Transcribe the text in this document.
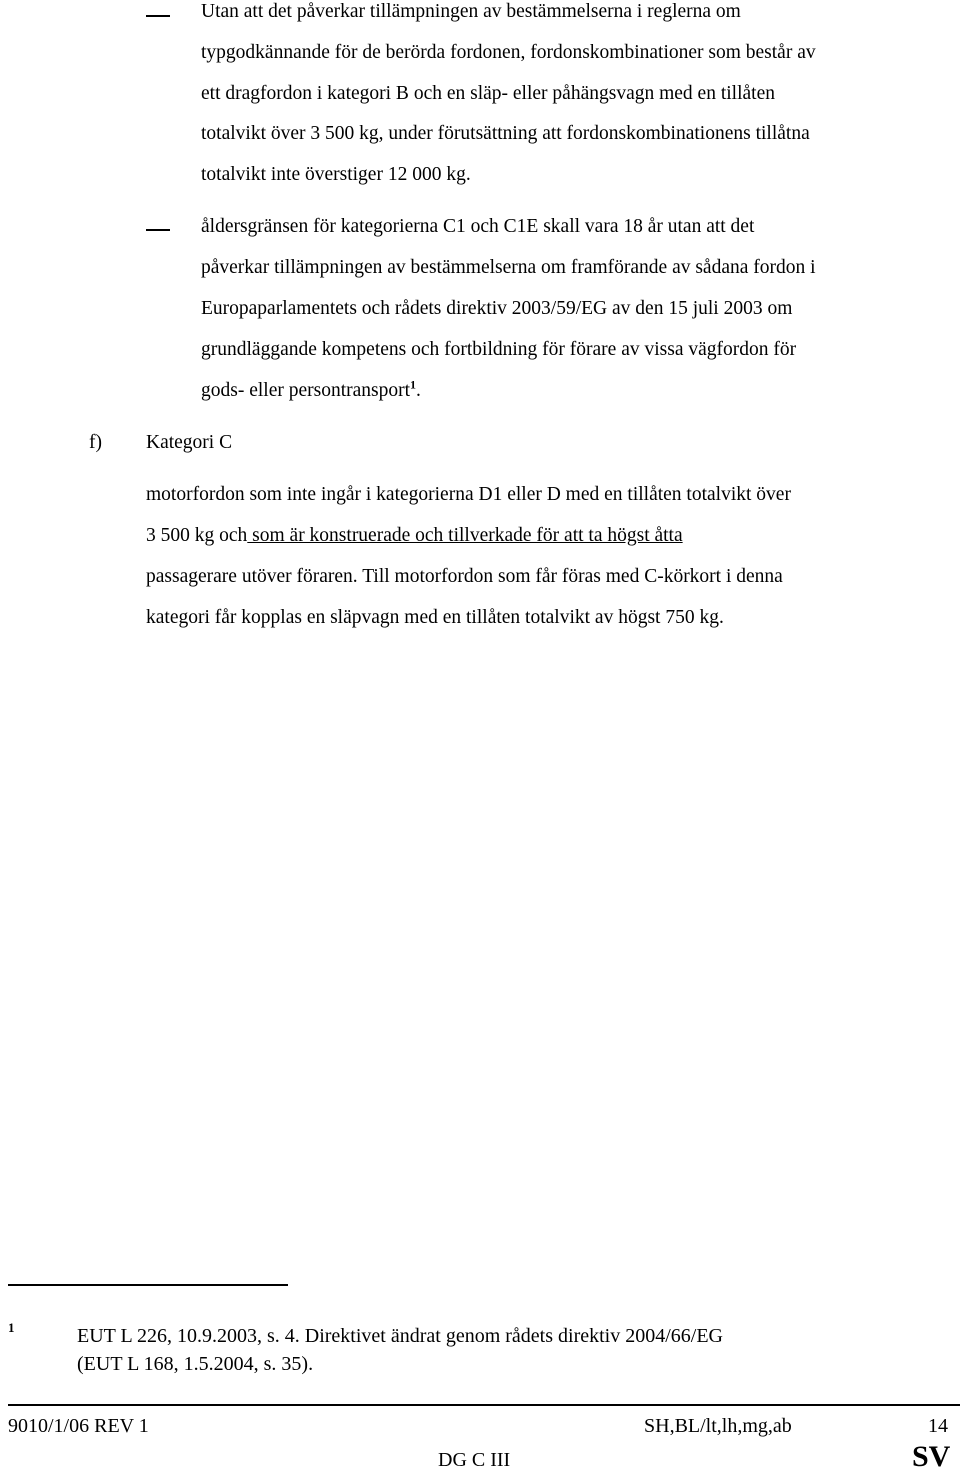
Utan att det påverkar tillämpningen av bestämmelserna i reglerna om
typgodkännande för de berörda fordonen, fordonskombinationer som består av
ett dragfordon i kategori B och en släp- eller påhängsvagn med en tillåten
totalvikt över 3 500 kg, under förutsättning att fordonskombinationens tillåtna
totalvikt inte överstiger 12 000 kg.
åldersgränsen för kategorierna C1 och C1E skall vara 18 år utan att det
påverkar tillämpningen av bestämmelserna om framförande av sådana fordon i
Europaparlamentets och rådets direktiv 2003/59/EG av den 15 juli 2003 om
grundläggande kompetens och fortbildning för förare av vissa vägfordon för
gods- eller persontransport$^1$.
f) Kategori C
motorfordon som inte ingår i kategorierna D1 eller D med en tillåten totalvikt över
3 500 kg och som är konstruerade och tillverkade för att ta högst åtta
passagerare utöver föraren. Till motorfordon som får föras med C-körkort i denna
kategori får kopplas en släpvagn med en tillåten totalvikt av högst 750 kg.
1	EUT L 226, 10.9.2003, s. 4. Direktivet ändrat genom rådets direktiv 2004/66/EG
(EUT L 168, 1.5.2004, s. 35).
9010/1/06 REV 1	SH,BL/lt,lh,mg,ab	14
DG C III	SV
